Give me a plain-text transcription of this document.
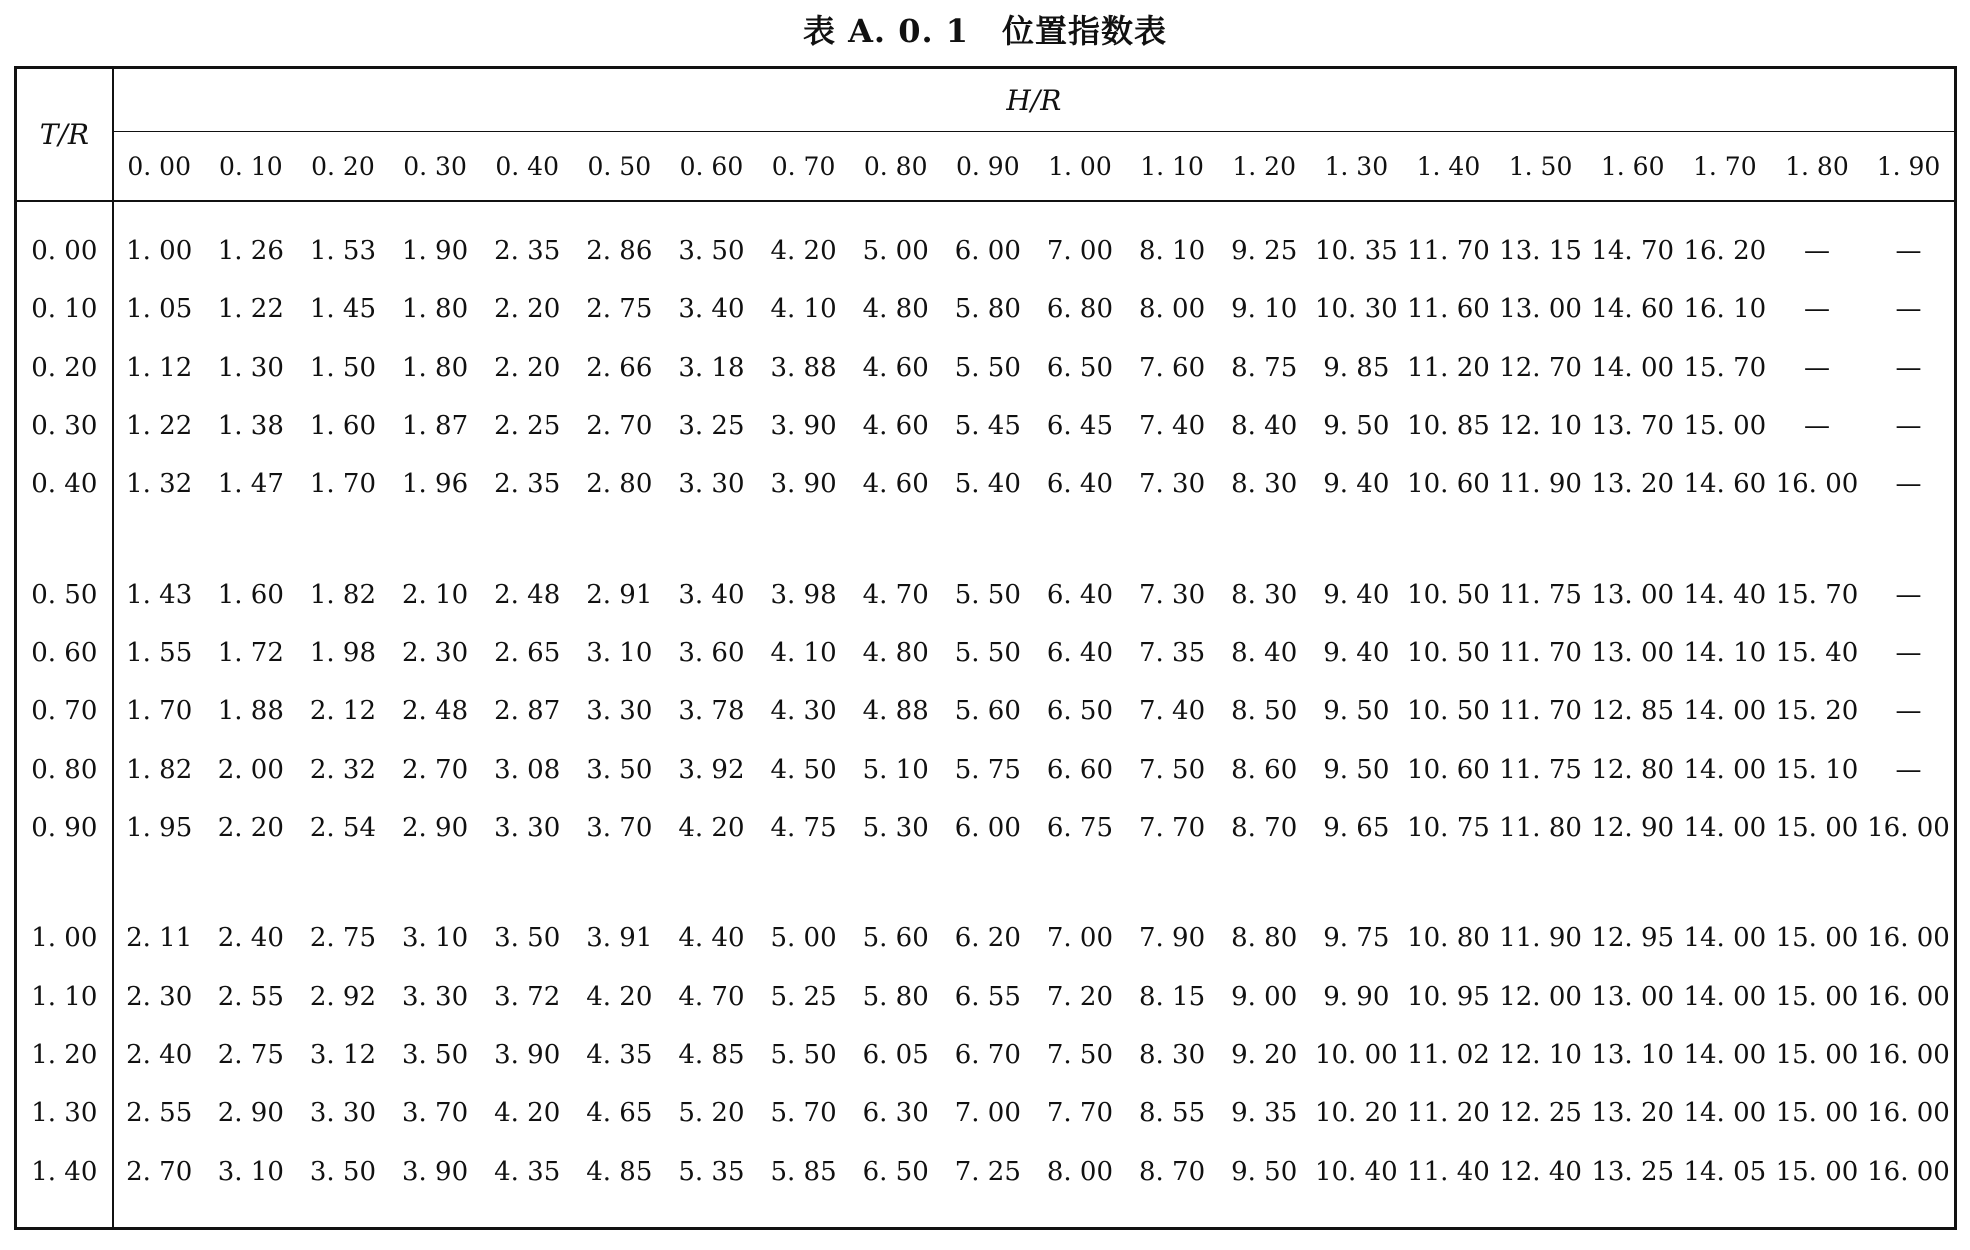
表 A. 0. 1　位置指数表
T/R	H/R																			
	0. 00	0. 10	0. 20	0. 30	0. 40	0. 50	0. 60	0. 70	0. 80	0. 90	1. 00	1. 10	1. 20	1. 30	1. 40	1. 50	1. 60	1. 70	1. 80	1. 90

0. 00	1. 00	1. 26	1. 53	1. 90	2. 35	2. 86	3. 50	4. 20	5. 00	6. 00	7. 00	8. 10	9. 25	10. 35	11. 70	13. 15	14. 70	16. 20	—	—
0. 10	1. 05	1. 22	1. 45	1. 80	2. 20	2. 75	3. 40	4. 10	4. 80	5. 80	6. 80	8. 00	9. 10	10. 30	11. 60	13. 00	14. 60	16. 10	—	—
0. 20	1. 12	1. 30	1. 50	1. 80	2. 20	2. 66	3. 18	3. 88	4. 60	5. 50	6. 50	7. 60	8. 75	9. 85	11. 20	12. 70	14. 00	15. 70	—	—
0. 30	1. 22	1. 38	1. 60	1. 87	2. 25	2. 70	3. 25	3. 90	4. 60	5. 45	6. 45	7. 40	8. 40	9. 50	10. 85	12. 10	13. 70	15. 00	—	—
0. 40	1. 32	1. 47	1. 70	1. 96	2. 35	2. 80	3. 30	3. 90	4. 60	5. 40	6. 40	7. 30	8. 30	9. 40	10. 60	11. 90	13. 20	14. 60	16. 00	—

0. 50	1. 43	1. 60	1. 82	2. 10	2. 48	2. 91	3. 40	3. 98	4. 70	5. 50	6. 40	7. 30	8. 30	9. 40	10. 50	11. 75	13. 00	14. 40	15. 70	—
0. 60	1. 55	1. 72	1. 98	2. 30	2. 65	3. 10	3. 60	4. 10	4. 80	5. 50	6. 40	7. 35	8. 40	9. 40	10. 50	11. 70	13. 00	14. 10	15. 40	—
0. 70	1. 70	1. 88	2. 12	2. 48	2. 87	3. 30	3. 78	4. 30	4. 88	5. 60	6. 50	7. 40	8. 50	9. 50	10. 50	11. 70	12. 85	14. 00	15. 20	—
0. 80	1. 82	2. 00	2. 32	2. 70	3. 08	3. 50	3. 92	4. 50	5. 10	5. 75	6. 60	7. 50	8. 60	9. 50	10. 60	11. 75	12. 80	14. 00	15. 10	—
0. 90	1. 95	2. 20	2. 54	2. 90	3. 30	3. 70	4. 20	4. 75	5. 30	6. 00	6. 75	7. 70	8. 70	9. 65	10. 75	11. 80	12. 90	14. 00	15. 00	16. 00

1. 00	2. 11	2. 40	2. 75	3. 10	3. 50	3. 91	4. 40	5. 00	5. 60	6. 20	7. 00	7. 90	8. 80	9. 75	10. 80	11. 90	12. 95	14. 00	15. 00	16. 00
1. 10	2. 30	2. 55	2. 92	3. 30	3. 72	4. 20	4. 70	5. 25	5. 80	6. 55	7. 20	8. 15	9. 00	9. 90	10. 95	12. 00	13. 00	14. 00	15. 00	16. 00
1. 20	2. 40	2. 75	3. 12	3. 50	3. 90	4. 35	4. 85	5. 50	6. 05	6. 70	7. 50	8. 30	9. 20	10. 00	11. 02	12. 10	13. 10	14. 00	15. 00	16. 00
1. 30	2. 55	2. 90	3. 30	3. 70	4. 20	4. 65	5. 20	5. 70	6. 30	7. 00	7. 70	8. 55	9. 35	10. 20	11. 20	12. 25	13. 20	14. 00	15. 00	16. 00
1. 40	2. 70	3. 10	3. 50	3. 90	4. 35	4. 85	5. 35	5. 85	6. 50	7. 25	8. 00	8. 70	9. 50	10. 40	11. 40	12. 40	13. 25	14. 05	15. 00	16. 00
